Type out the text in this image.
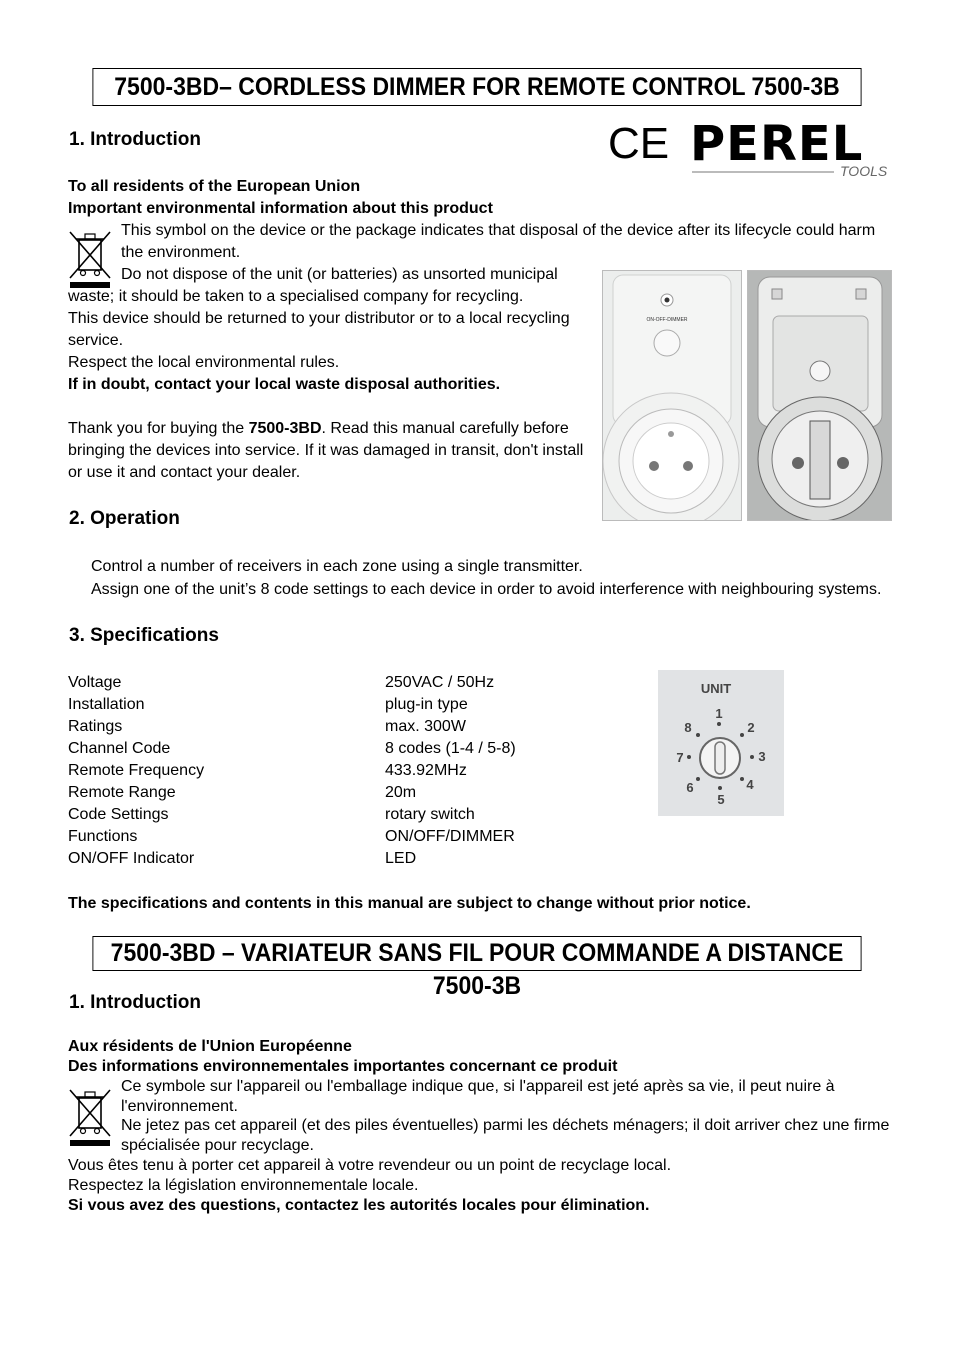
7500-3BD– CORDLESS DIMMER FOR REMOTE CONTROL 7500-3B
CE PEREL
TOOLS
1. Introduction
To all residents of the European Union
Important environmental information about this product
This symbol on the device or the package indicates that disposal of the device after its lifecycle could harm
the environment.
Do not dispose of the unit (or batteries) as unsorted municipal
waste; it should be taken to a specialised company for recycling.
This device should be returned to your distributor or to a local recycling
service.
Respect the local environmental rules.
If in doubt, contact your local waste disposal authorities.
Thank you for buying the 7500-3BD. Read this manual carefully before
bringing the devices into service. If it was damaged in transit, don't install
or use it and contact your dealer.
ON-OFF-DIMMER
2. Operation
Control a number of receivers in each zone using a single transmitter.
Assign one of the unit’s 8 code settings to each device in order to avoid interference with neighbouring systems.
3. Specifications
Voltage	250VAC / 50Hz
Installation	plug-in type
Ratings	max. 300W
Channel Code	8 codes (1-4 / 5-8)
Remote Frequency	433.92MHz
Remote Range	20m
Code Settings	rotary switch
Functions	ON/OFF/DIMMER
ON/OFF Indicator	LED
UNIT
1
2
3
4
5
6
7
8
The specifications and contents in this manual are subject to change without prior notice.
7500-3BD – VARIATEUR SANS FIL POUR COMMANDE A DISTANCE 7500-3B
1. Introduction
Aux résidents de l'Union Européenne
Des informations environnementales importantes concernant ce produit
Ce symbole sur l'appareil ou l'emballage indique que, si l'appareil est jeté après sa vie, il peut nuire à
l'environnement.
Ne jetez pas cet appareil (et des piles éventuelles) parmi les déchets ménagers; il doit arriver chez une firme
spécialisée pour recyclage.
Vous êtes tenu à porter cet appareil à votre revendeur ou un point de recyclage local.
Respectez la législation environnementale locale.
Si vous avez des questions, contactez les autorités locales pour élimination.
